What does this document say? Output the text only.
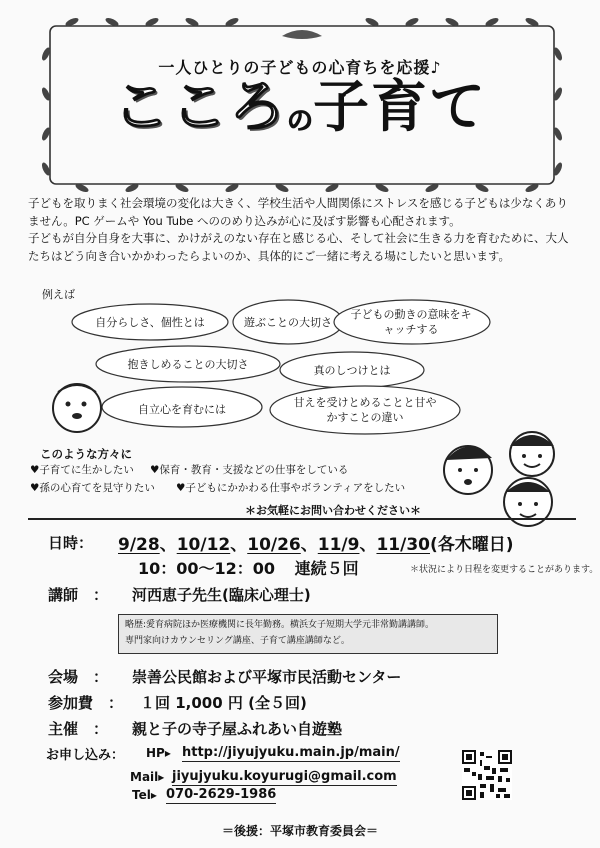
一人ひとりの子どもの心育ちを応援♪
こころの子育て

子どもを取りまく社会環境の変化は大きく、学校生活や人間関係にストレスを感じる子どもは少なくありません。PC ゲームや You Tube へののめり込みが心に及ぼす影響も心配されます。

子どもが自分自身を大事に、かけがえのない存在と感じる心、そして社会に生きる力を育むために、大人たちはどう向き合いかかわったらよいのか、具体的にご一緒に考える場にしたいと思います。

例えば
自分らしさ、個性とは	遊ぶことの大切さ
子どもの動きの意味をキャッチする
抱きしめることの大切さ	真のしつけとは
自立心を育むには	甘えを受けとめることと甘やかすことの違い
このような方々に
♥子育てに生かしたい ♥保育・教育・支援などの仕事をしている
♥孫の心育てを見守りたい ♥子どもにかかわる仕事やボランティアをしたい
＊お気軽にお問い合わせください＊
日時： 9/28、10/12、10/26、11/9、11/30(各木曜日)
10：00～12：00 連続５回	＊状況により日程を変更することがあります。
講師　： 河西恵子先生(臨床心理士)

略歴:愛育病院ほか医療機関に長年勤務。横浜女子短期大学元非常勤講講師。

専門家向けカウンセリング講座、子育て講座講師など。

会場　： 崇善公民館および平塚市民活動センター
参加費　： １回 1,000 円 (全５回)
主催　： 親と子の寺子屋ふれあい自遊塾
お申し込み： HP▸ http://jiyujyuku.main.jp/main/
Mail▸ jiyujyuku.koyurugi@gmail.com
Tel▸ 070-2629-1986
＝後援：平塚市教育委員会＝
